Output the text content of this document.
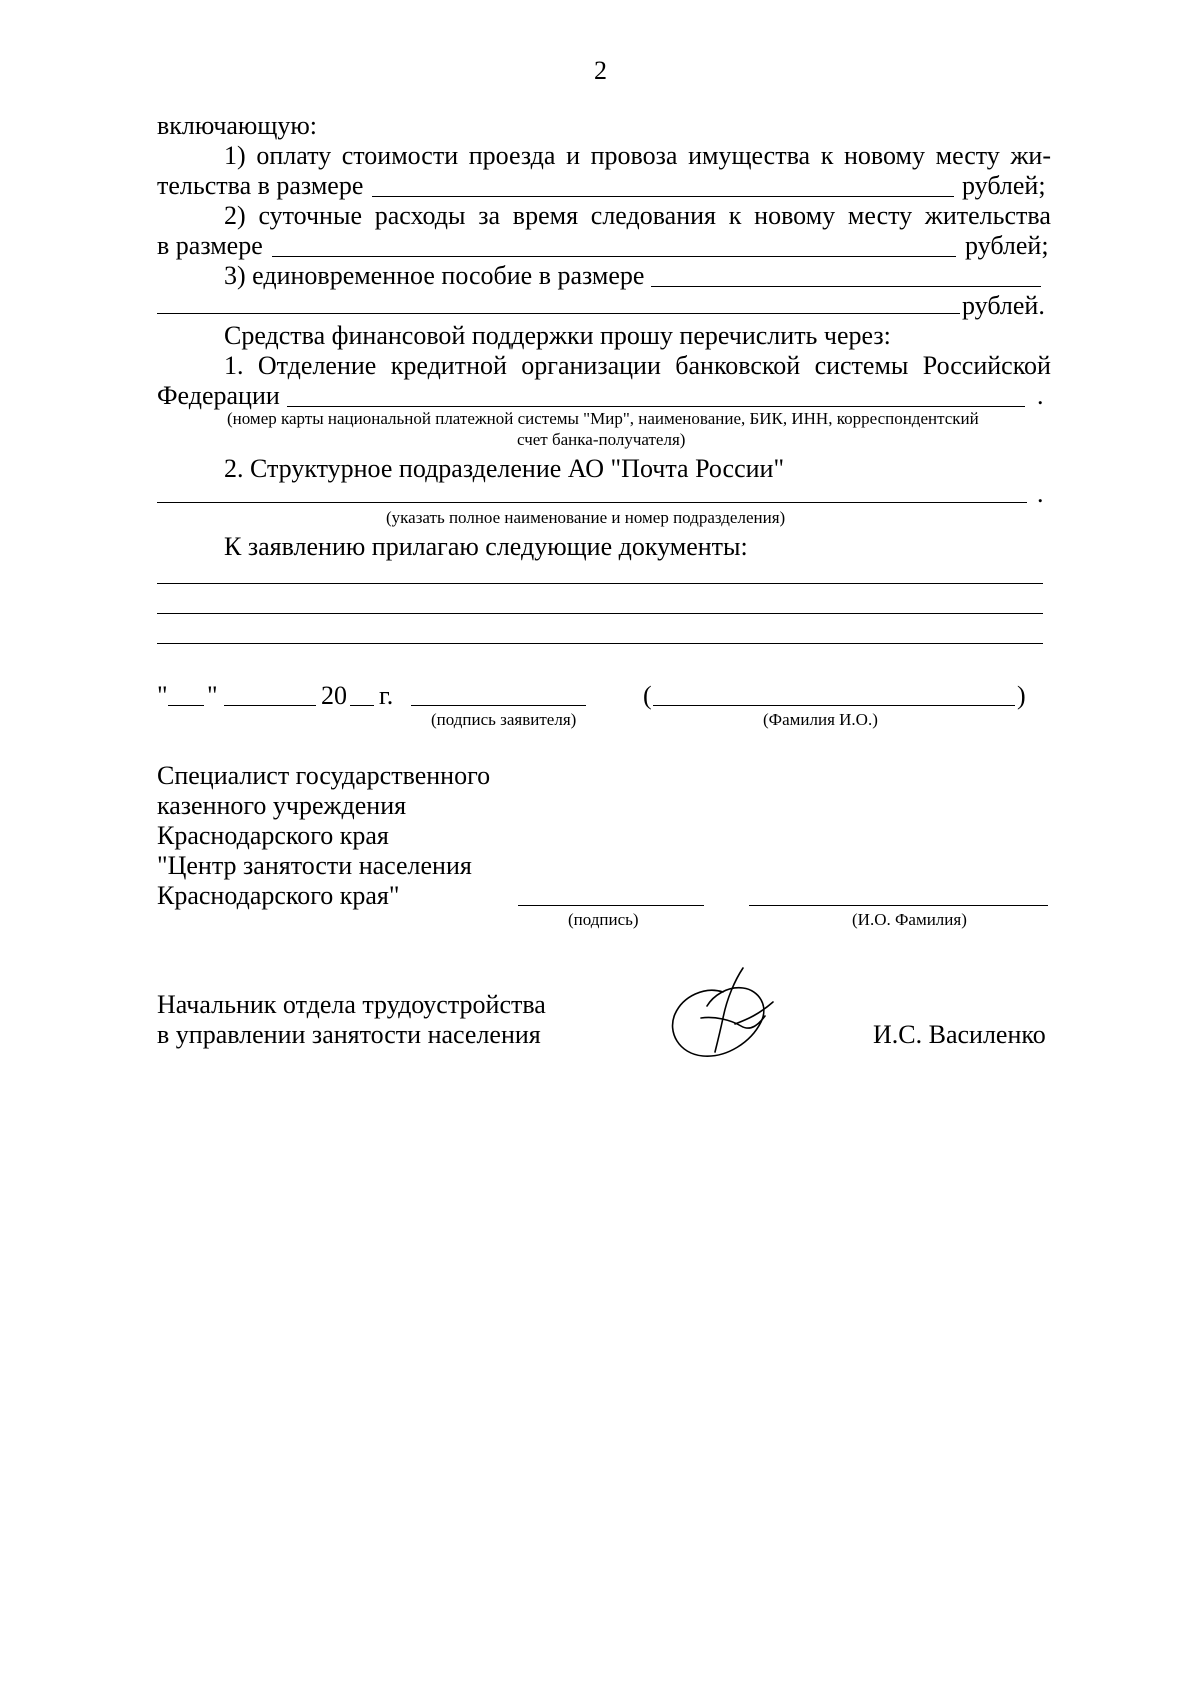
2
включающую:
1) оплату стоимости проезда и провоза имущества к новому месту жи-
тельства в размере	рублей;
2) суточные расходы за время следования к новому месту жительства
в размере	рублей;
3) единовременное пособие в размере
рублей.
Средства финансовой поддержки прошу перечислить через:
1. Отделение кредитной организации банковской системы Российской
Федерации	.
(номер карты национальной платежной системы "Мир", наименование, БИК, ИНН, корреспондентский
счет банка-получателя)
2. Структурное подразделение АО "Почта России"
.
(указать полное наименование и номер подразделения)
К заявлению прилагаю следующие документы:
" "	20 г.	(	)
(подпись заявителя)	(Фамилия И.О.)
Специалист государственного
казенного учреждения
Краснодарского края
"Центр занятости населения
Краснодарского края"
(подпись)	(И.О. Фамилия)
Начальник отдела трудоустройства
в управлении занятости населения	И.С. Василенко
